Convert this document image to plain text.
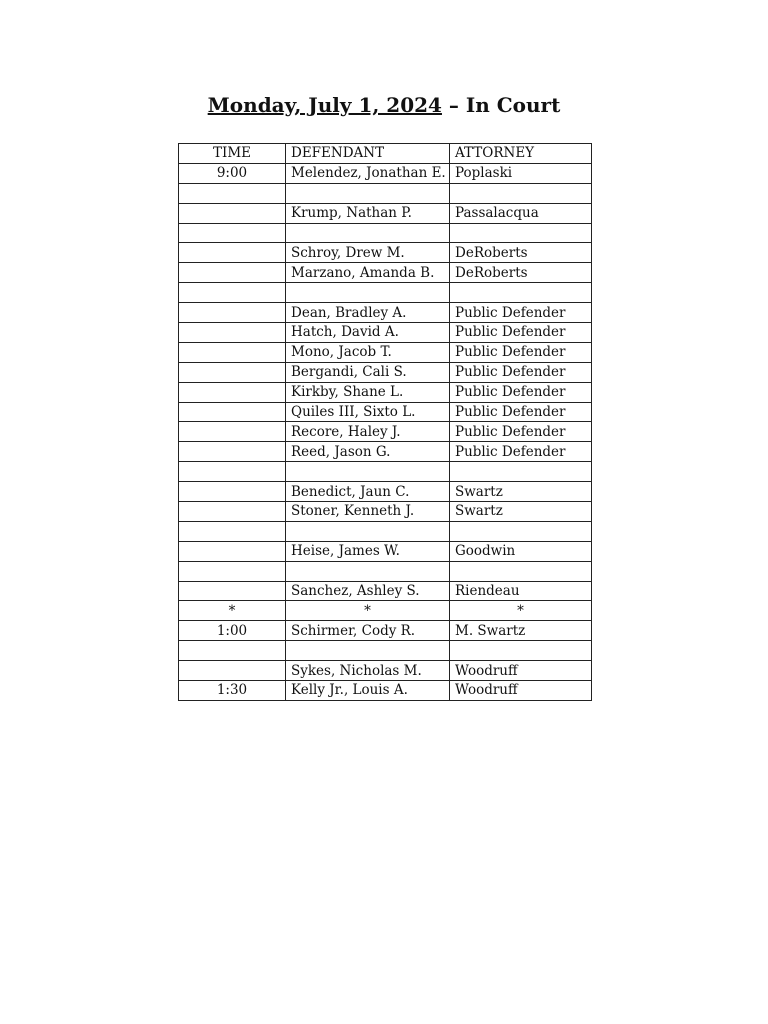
Monday, July 1, 2024 – In Court
TIME	DEFENDANT	ATTORNEY
9:00	Melendez, Jonathan E.	Poplaski

	Krump, Nathan P.	Passalacqua

	Schroy, Drew M.	DeRoberts
	Marzano, Amanda B.	DeRoberts

	Dean, Bradley A.	Public Defender
	Hatch, David A.	Public Defender
	Mono, Jacob T.	Public Defender
	Bergandi, Cali S.	Public Defender
	Kirkby, Shane L.	Public Defender
	Quiles III, Sixto L.	Public Defender
	Recore, Haley J.	Public Defender
	Reed, Jason G.	Public Defender

	Benedict, Jaun C.	Swartz
	Stoner, Kenneth J.	Swartz

	Heise, James W.	Goodwin

	Sanchez, Ashley S.	Riendeau
*	*	*
1:00	Schirmer, Cody R.	M. Swartz

	Sykes, Nicholas M.	Woodruff
1:30	Kelly Jr., Louis A.	Woodruff
